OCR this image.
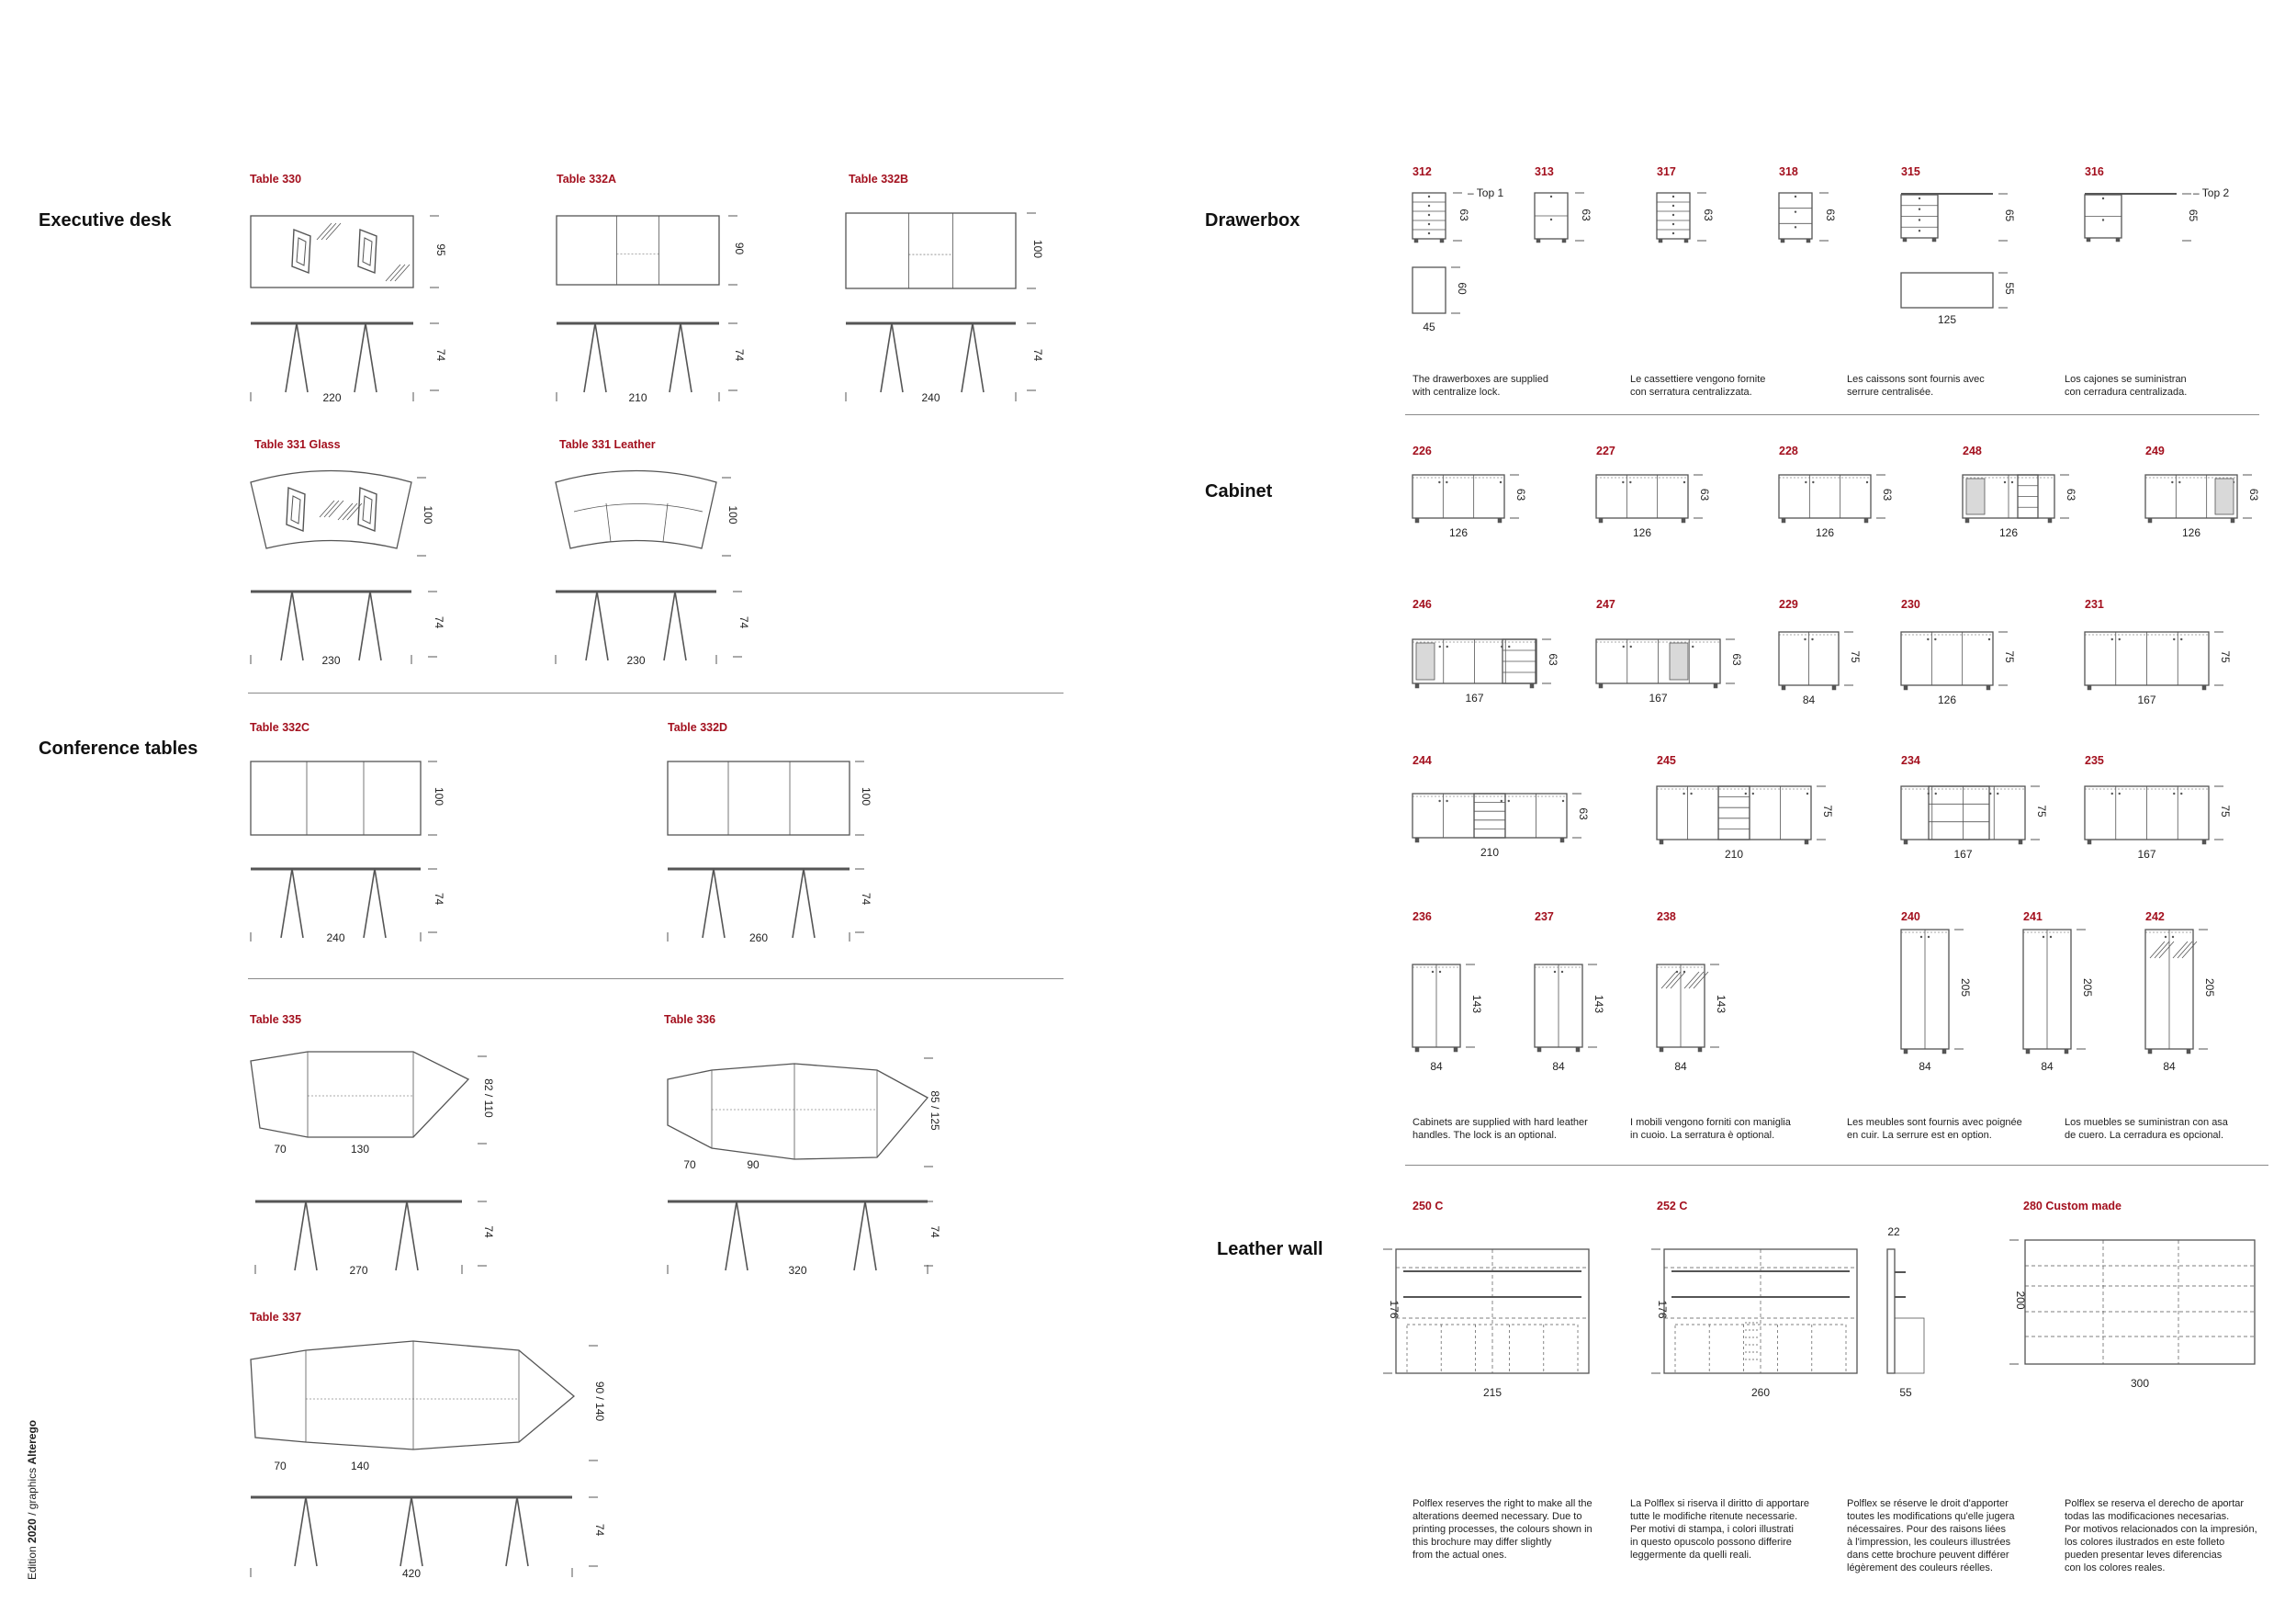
Executive desk
Conference tables
Drawerbox
Cabinet
Leather wall
Table 330	Table 332A	Table 332B
Table 331 Glass	Table 331 Leather
Table 332C	Table 332D
Table 335	Table 336
Table 337
312	313	317	318	315	316
226	227	228	248	249
246	247	229	230	231
244	245	234	235
236	237	238	240	241	242
250 C	252 C	280 Custom made
The drawerboxes are supplied
with centralize lock.
Le cassettiere vengono fornite
con serratura centralizzata.
Les caissons sont fournis avec
serrure centralisée.
Los cajones se suministran
con cerradura centralizada.
Cabinets are supplied with hard leather
handles. The lock is an optional.
I mobili vengono forniti con maniglia
in cuoio. La serratura è optional.
Les meubles sont fournis avec poignée
en cuir. La serrure est en option.
Los muebles se suministran con asa
de cuero. La cerradura es opcional.
Polflex reserves the right to make all the
alterations deemed necessary. Due to
printing processes, the colours shown in
this brochure may differ slightly
from the actual ones.
La Polflex si riserva il diritto di apportare
tutte le modifiche ritenute necessarie.
Per motivi di stampa, i colori illustrati
in questo opuscolo possono differire
leggermente da quelli reali.
Polflex se réserve le droit d'apporter
toutes les modifications qu'elle jugera
nécessaires. Pour des raisons liées
à l'impression, les couleurs illustrées
dans cette brochure peuvent différer
légèrement des couleurs réelles.
Polflex se reserva el derecho de aportar
todas las modificaciones necesarias.
Por motivos relacionados con la impresión,
los colores ilustrados en este folleto
pueden presentar leves diferencias
con los colores reales.
Edition 2020 / graphics Alterego
95
74
220
90
74
210
100
74
240
100
74
230
100
74
230
100
74
240
100
74
260
82 / 110
70	130
74
270
85 / 125
70	90
74
320
90 / 140
70	140
74
420
63
– Top 1
63	63	63	65	65
– Top 2
60
45
55
125
63
126
63
126
63
126
63
126
63
126
63
167
63
167
75
84
75
126
75
167
63
210
75
210
75
167
75
167
143
84
143
84
143
84
205
84
205
84
205
84
176
215
176
260
22
55
200
300
